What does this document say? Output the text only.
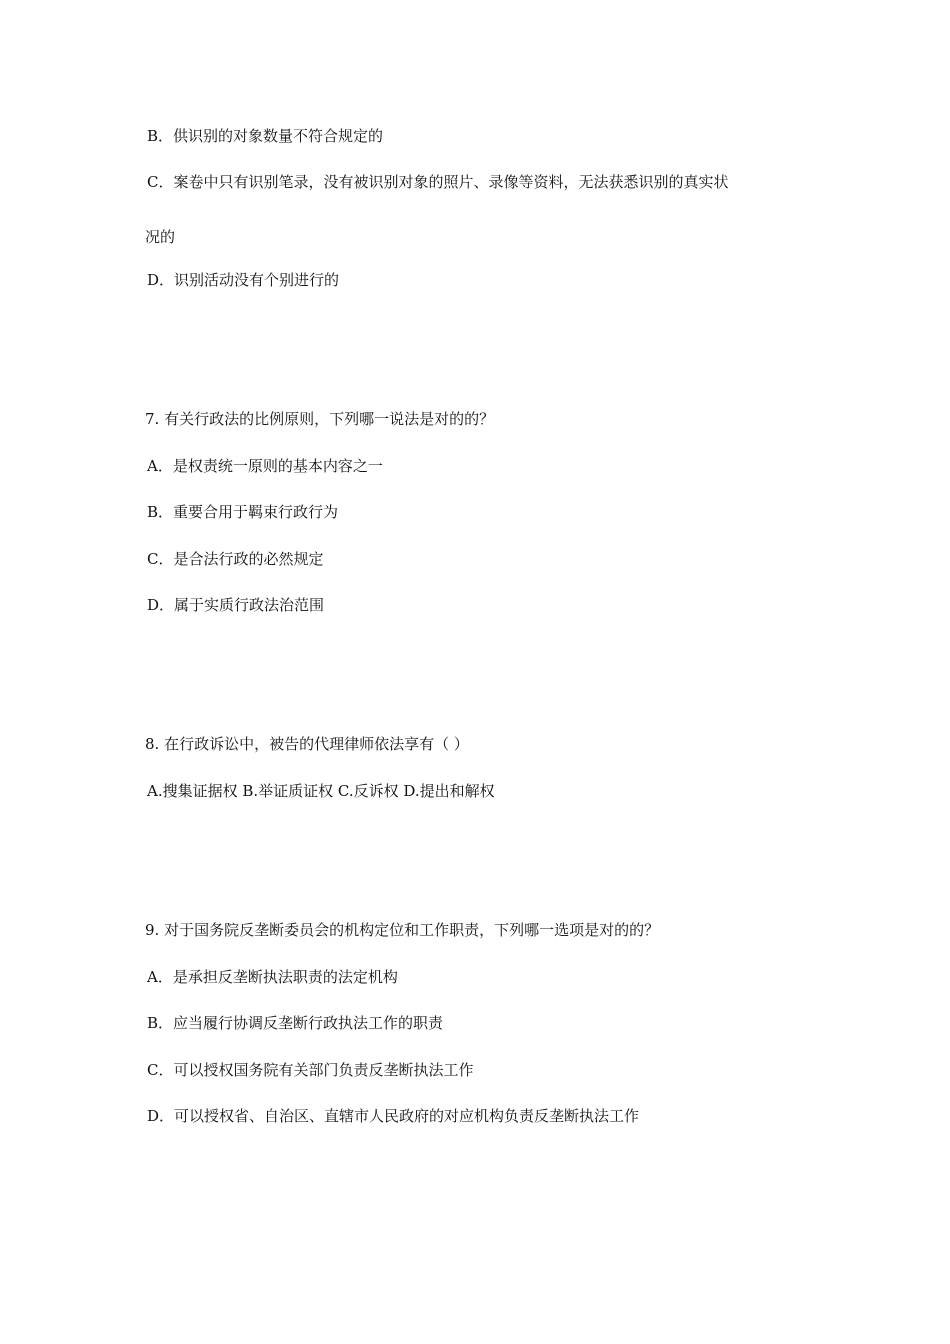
B．供识别的对象数量不符合规定的
C．案卷中只有识别笔录，没有被识别对象的照片、录像等资料，无法获悉识别的真实状
况的
D．识别活动没有个别进行的
7. 有关行政法的比例原则，下列哪一说法是对的的？
A．是权责统一原则的基本内容之一
B．重要合用于羁束行政行为
C．是合法行政的必然规定
D．属于实质行政法治范围
8. 在行政诉讼中，被告的代理律师依法享有（ ）
A.搜集证据权 B.举证质证权 C.反诉权 D.提出和解权
9. 对于国务院反垄断委员会的机构定位和工作职责，下列哪一选项是对的的？
A．是承担反垄断执法职责的法定机构
B．应当履行协调反垄断行政执法工作的职责
C．可以授权国务院有关部门负责反垄断执法工作
D．可以授权省、自治区、直辖市人民政府的对应机构负责反垄断执法工作
